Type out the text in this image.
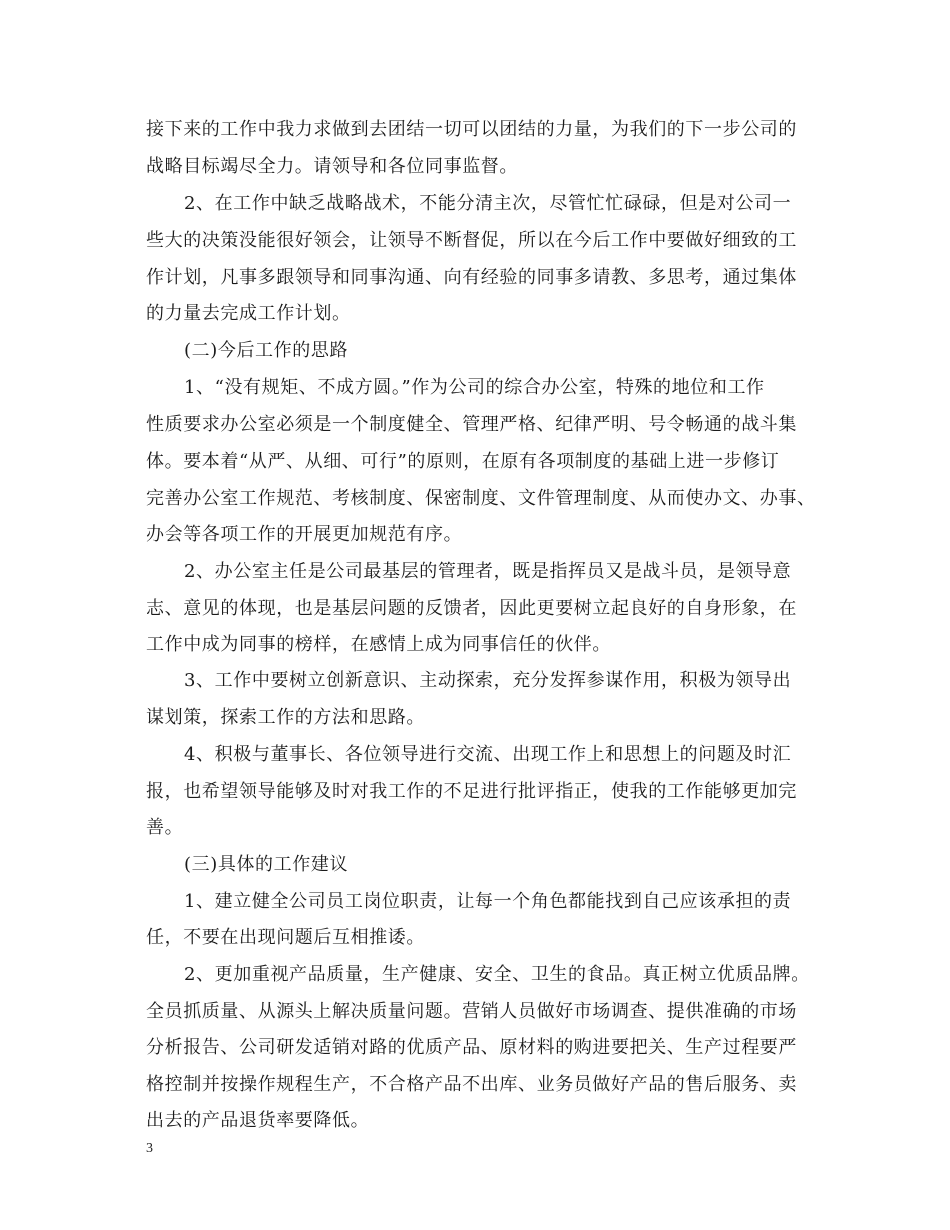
接下来的工作中我力求做到去团结一切可以团结的力量，为我们的下一步公司的
战略目标竭尽全力。请领导和各位同事监督。
2、在工作中缺乏战略战术，不能分清主次，尽管忙忙碌碌，但是对公司一
些大的决策没能很好领会，让领导不断督促，所以在今后工作中要做好细致的工
作计划，凡事多跟领导和同事沟通、向有经验的同事多请教、多思考，通过集体
的力量去完成工作计划。
(二)今后工作的思路
1、“没有规矩、不成方圆。”作为公司的综合办公室，特殊的地位和工作
性质要求办公室必须是一个制度健全、管理严格、纪律严明、号令畅通的战斗集
体。要本着“从严、从细、可行”的原则，在原有各项制度的基础上进一步修订
完善办公室工作规范、考核制度、保密制度、文件管理制度、从而使办文、办事、
办会等各项工作的开展更加规范有序。
2、办公室主任是公司最基层的管理者，既是指挥员又是战斗员，是领导意
志、意见的体现，也是基层问题的反馈者，因此更要树立起良好的自身形象，在
工作中成为同事的榜样，在感情上成为同事信任的伙伴。
3、工作中要树立创新意识、主动探索，充分发挥参谋作用，积极为领导出
谋划策，探索工作的方法和思路。
4、积极与董事长、各位领导进行交流、出现工作上和思想上的问题及时汇
报，也希望领导能够及时对我工作的不足进行批评指正，使我的工作能够更加完
善。
(三)具体的工作建议
1、建立健全公司员工岗位职责，让每一个角色都能找到自己应该承担的责
任，不要在出现问题后互相推诿。
2、更加重视产品质量，生产健康、安全、卫生的食品。真正树立优质品牌。
全员抓质量、从源头上解决质量问题。营销人员做好市场调查、提供准确的市场
分析报告、公司研发适销对路的优质产品、原材料的购进要把关、生产过程要严
格控制并按操作规程生产，不合格产品不出库、业务员做好产品的售后服务、卖
出去的产品退货率要降低。
3
